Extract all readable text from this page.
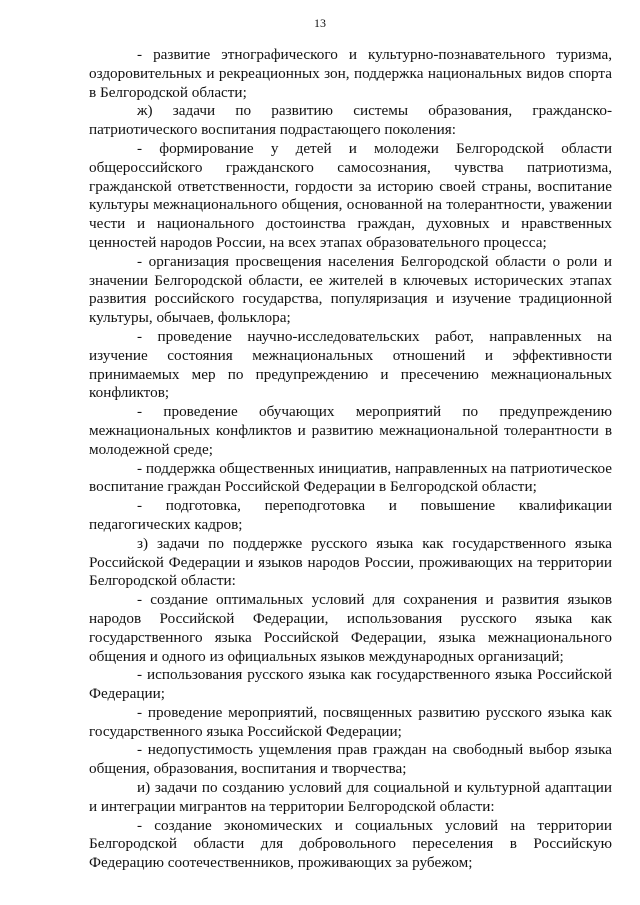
13

- развитие этнографического и культурно-познавательного туризма, оздоровительных и рекреационных зон, поддержка национальных видов спорта в Белгородской области;

ж) задачи по развитию системы образования, гражданско-патриотического воспитания подрастающего поколения:

- формирование у детей и молодежи Белгородской области общероссийского гражданского самосознания, чувства патриотизма, гражданской ответственности, гордости за историю своей страны, воспитание культуры межнационального общения, основанной на толерантности, уважении чести и национального достоинства граждан, духовных и нравственных ценностей народов России, на всех этапах образовательного процесса;

- организация просвещения населения Белгородской области о роли и значении Белгородской области, ее жителей в ключевых исторических этапах развития российского государства, популяризация и изучение традиционной культуры, обычаев, фольклора;

- проведение научно-исследовательских работ, направленных на изучение состояния межнациональных отношений и эффективности принимаемых мер по предупреждению и пресечению межнациональных конфликтов;

- проведение обучающих мероприятий по предупреждению межнациональных конфликтов и развитию межнациональной толерантности в молодежной среде;

- поддержка общественных инициатив, направленных на патриотическое воспитание граждан Российской Федерации в Белгородской области;

- подготовка, переподготовка и повышение квалификации педагогических кадров;

з) задачи по поддержке русского языка как государственного языка Российской Федерации и языков народов России, проживающих на территории Белгородской области:

- создание оптимальных условий для сохранения и развития языков народов Российской Федерации, использования русского языка как государственного языка Российской Федерации, языка межнационального общения и одного из официальных языков международных организаций;

- использования русского языка как государственного языка Российской Федерации;

- проведение мероприятий, посвященных развитию русского языка как государственного языка Российской Федерации;

- недопустимость ущемления прав граждан на свободный выбор языка общения, образования, воспитания и творчества;

и) задачи по созданию условий для социальной и культурной адаптации и интеграции мигрантов на территории Белгородской области:

- создание экономических и социальных условий на территории Белгородской области для добровольного переселения в Российскую Федерацию соотечественников, проживающих за рубежом;
